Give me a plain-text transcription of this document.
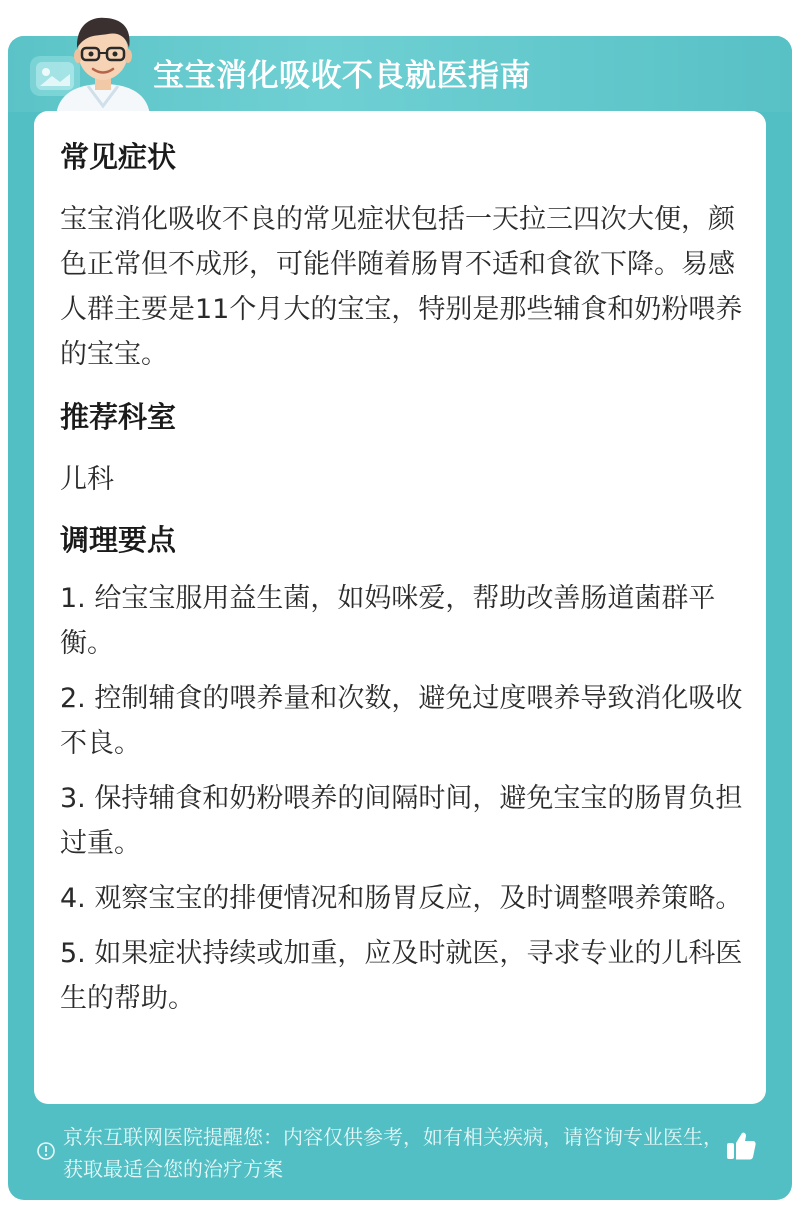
宝宝消化吸收不良就医指南
常见症状

宝宝消化吸收不良的常见症状包括一天拉三四次大便，颜色正常但不成形，可能伴随着肠胃不适和食欲下降。易感人群主要是11个月大的宝宝，特别是那些辅食和奶粉喂养的宝宝。

推荐科室

儿科

调理要点

1. 给宝宝服用益生菌，如妈咪爱，帮助改善肠道菌群平衡。

2. 控制辅食的喂养量和次数，避免过度喂养导致消化吸收不良。

3. 保持辅食和奶粉喂养的间隔时间，避免宝宝的肠胃负担过重。

4. 观察宝宝的排便情况和肠胃反应，及时调整喂养策略。

5. 如果症状持续或加重，应及时就医，寻求专业的儿科医生的帮助。

京东互联网医院提醒您：内容仅供参考，如有相关疾病，请咨询专业医生，获取最适合您的治疗方案
